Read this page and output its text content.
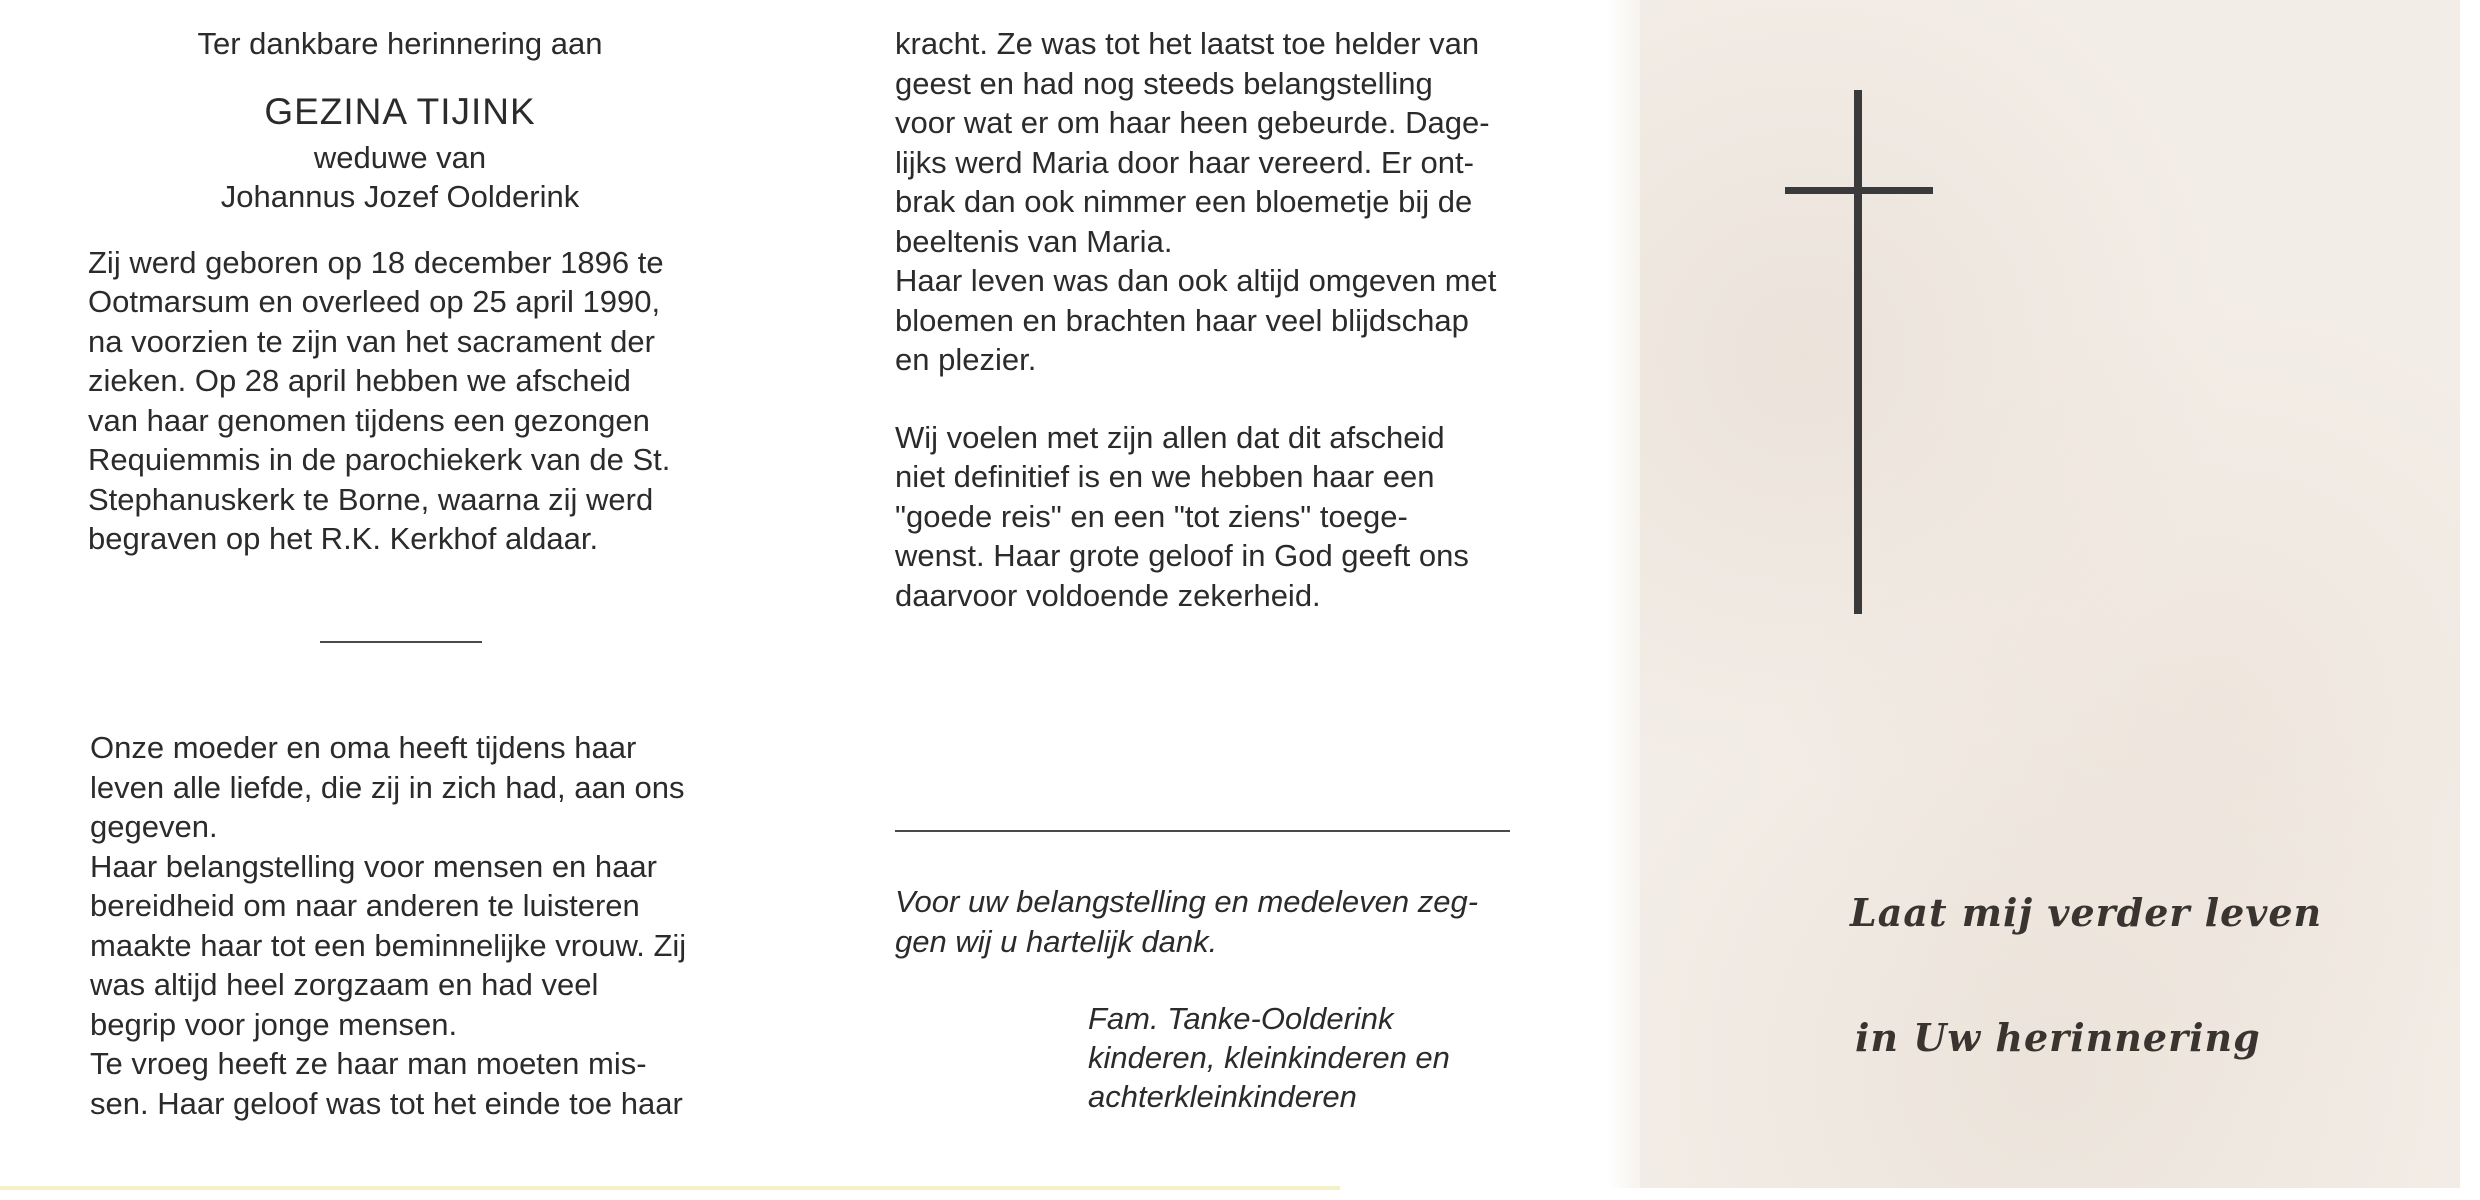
Ter dankbare herinnering aan

GEZINA TIJINK

weduwe van

Johannus Jozef Oolderink

Zij werd geboren op 18 december 1896 te
Ootmarsum en overleed op 25 april 1990,
na voorzien te zijn van het sacrament der
zieken. Op 28 april hebben we afscheid
van haar genomen tijdens een gezongen
Requiemmis in de parochiekerk van de St.
Stephanuskerk te Borne, waarna zij werd
begraven op het R.K. Kerkhof aldaar.
Onze moeder en oma heeft tijdens haar
leven alle liefde, die zij in zich had, aan ons
gegeven.
Haar belangstelling voor mensen en haar
bereidheid om naar anderen te luisteren
maakte haar tot een beminnelijke vrouw. Zij
was altijd heel zorgzaam en had veel
begrip voor jonge mensen.
Te vroeg heeft ze haar man moeten mis-
sen. Haar geloof was tot het einde toe haar
kracht. Ze was tot het laatst toe helder van
geest en had nog steeds belangstelling
voor wat er om haar heen gebeurde. Dage-
lijks werd Maria door haar vereerd. Er ont-
brak dan ook nimmer een bloemetje bij de
beeltenis van Maria.
Haar leven was dan ook altijd omgeven met
bloemen en brachten haar veel blijdschap
en plezier.
Wij voelen met zijn allen dat dit afscheid
niet definitief is en we hebben haar een
"goede reis" en een "tot ziens" toege-
wenst. Haar grote geloof in God geeft ons
daarvoor voldoende zekerheid.
Voor uw belangstelling en medeleven zeg-
gen wij u hartelijk dank.
Fam. Tanke-Oolderink
kinderen, kleinkinderen en
achterkleinkinderen
Laat mij verder leven
in Uw herinnering
